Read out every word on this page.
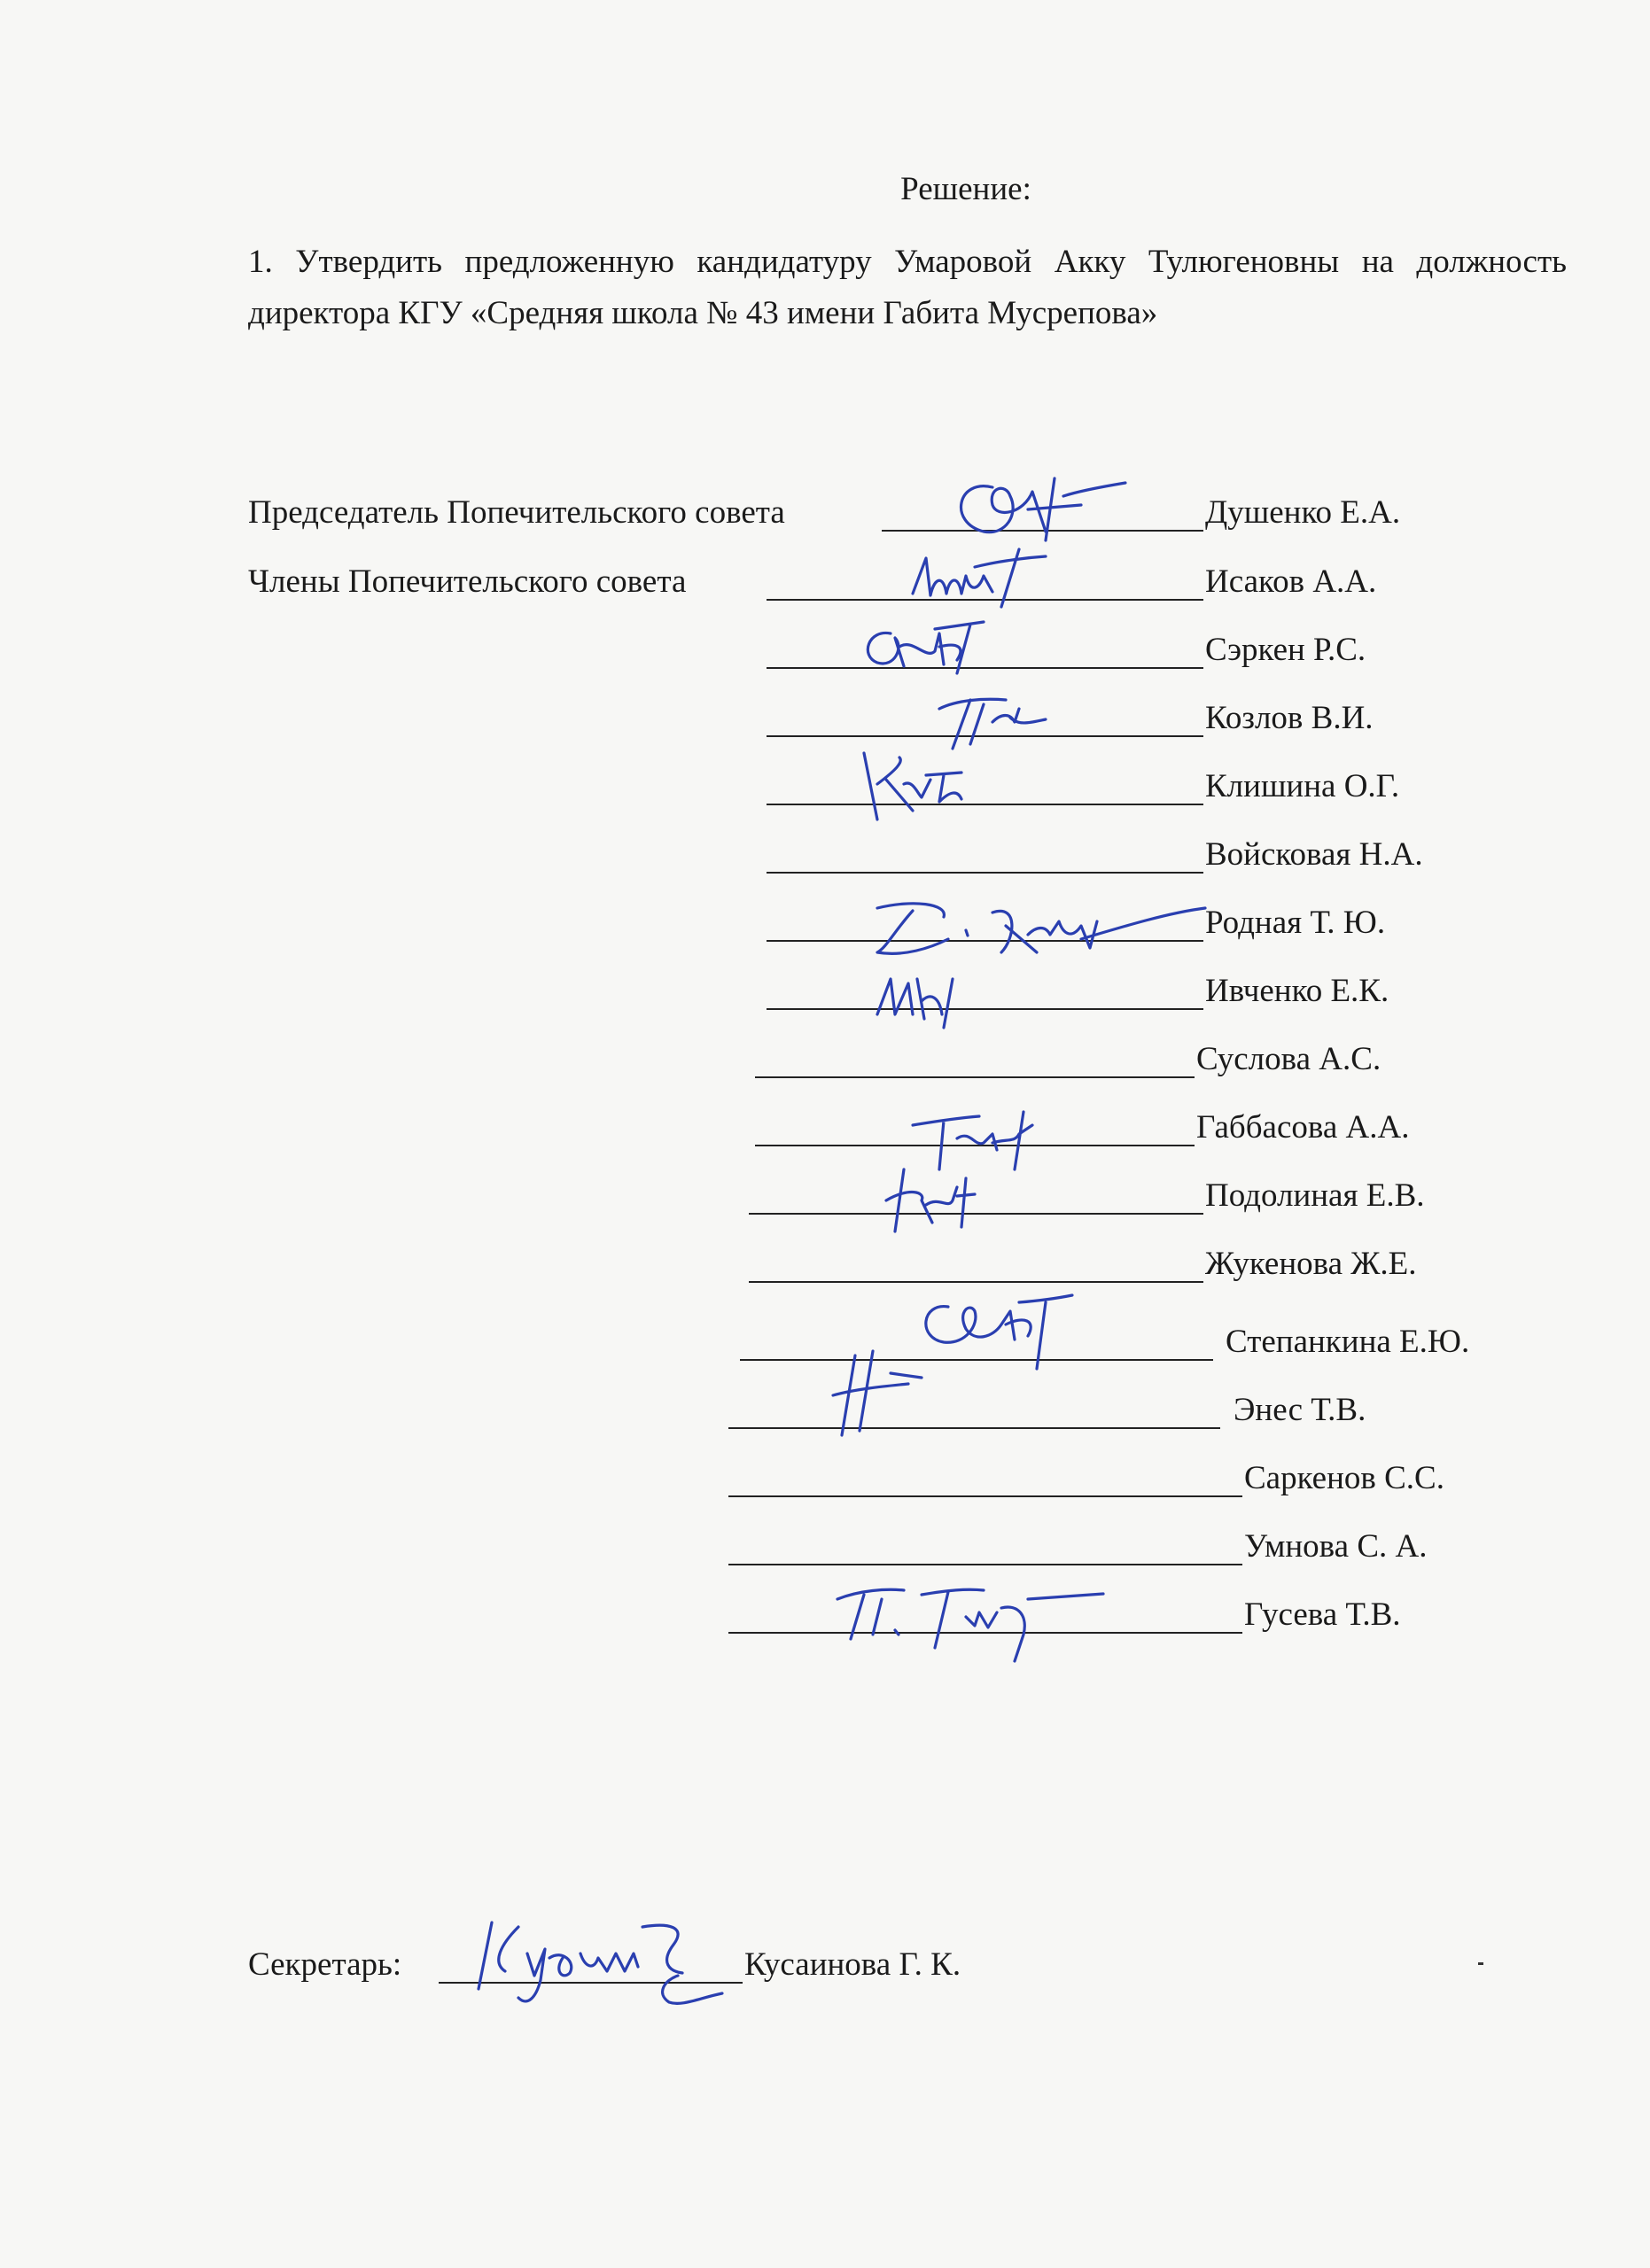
Решение:
1. Утвердить предложенную кандидатуру Умаровой Акку Тулюгеновны на должность директора КГУ «Средняя школа № 43 имени Габита Мусрепова»
Председатель Попечительского совета	Душенко Е.А.
Члены Попечительского совета	Исаков А.А.
Сэркен Р.С.
Козлов В.И.
Клишина О.Г.
Войсковая Н.А.
Родная Т. Ю.
Ивченко Е.К.
Суслова А.С.
Габбасова А.А.
Подолиная Е.В.
Жукенова Ж.Е.
Степанкина Е.Ю.
Энес Т.В.
Саркенов С.С.
Умнова С. А.
Гусева Т.В.
Секретарь:	Кусаинова Г. К.
